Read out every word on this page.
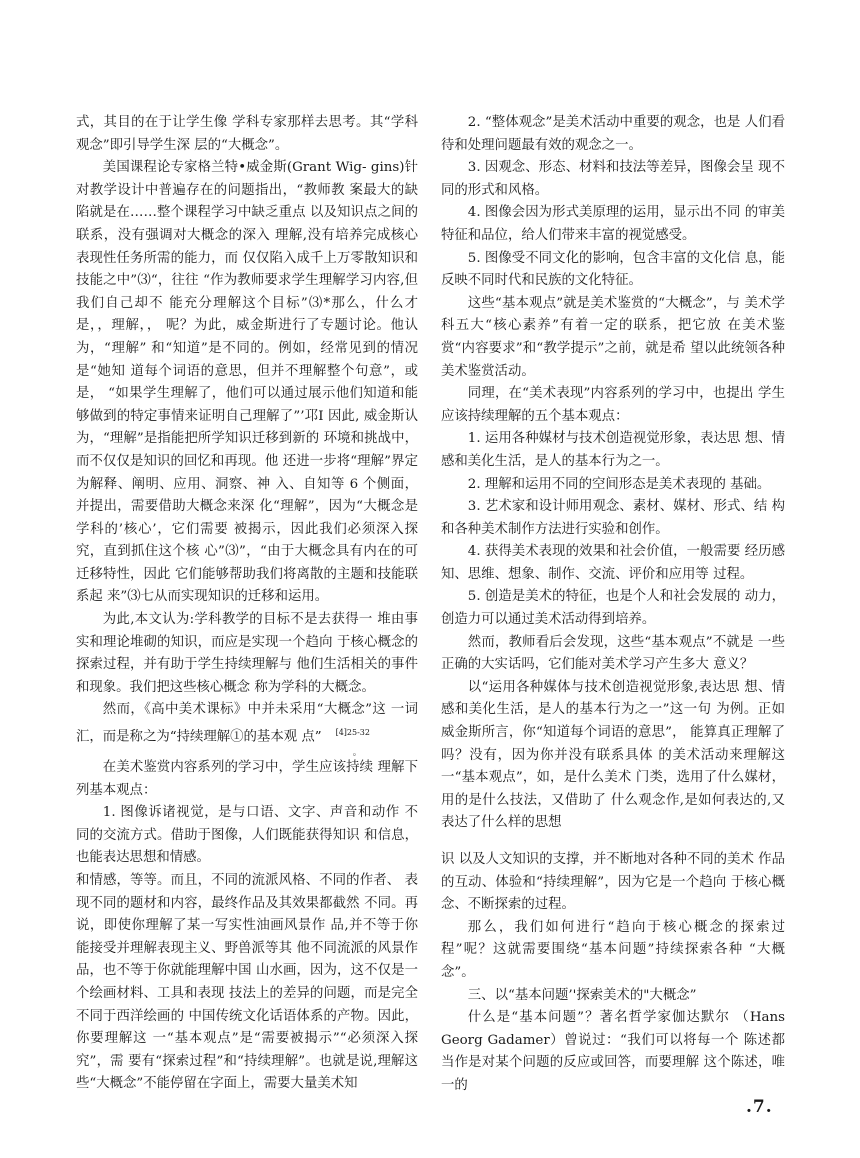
式，其目的在于让学生像 学科专家那样去思考。其“学科观念”即引导学生深 层的“大概念”。

美国课程论专家格兰特•威金斯(Grant Wig- gins)针对教学设计中普遍存在的问题指出，“教师教 案最大的缺陷就是在……整个课程学习中缺乏重点 以及知识点之间的联系，没有强调对大概念的深入 理解,没有培养完成核心表现性任务所需的能力，而 仅仅陷入成千上万零散知识和技能之中”⑶“，往往 “作为教师要求学生理解学习内容,但我们自己却不 能充分理解这个目标”⑶*那么，什么才是，，理解，， 呢？为此，威金斯进行了专题讨论。他认为，“理解” 和“知道”是不同的。例如，经常见到的情况是“她知 道每个词语的意思，但并不理解整个句意”，或是， “如果学生理解了，他们可以通过展示他们知道和能 够做到的特定事情来证明自己理解了”’邛I 因此, 威金斯认为，“理解”是指能把所学知识迁移到新的 环境和挑战中，而不仅仅是知识的回忆和再现。他 还进一步将“理解”界定为解释、阐明、应用、洞察、神 入、自知等 6 个侧面，并提出，需要借助大概念来深 化“理解”，因为“大概念是学科的’核心’，它们需要 被揭示，因此我们必须深入探究，直到抓住这个核 心”⑶”，“由于大概念具有内在的可迁移特性，因此 它们能够帮助我们将离散的主题和技能联系起 来”⑶七从而实现知识的迁移和运用。

为此,本文认为:学科教学的目标不是去获得一 堆由事实和理论堆砌的知识，而应是实现一个趋向 于核心概念的探索过程，并有助于学生持续理解与 他们生活相关的事件和现象。我们把这些核心概念 称为学科的大概念。

然而，《高中美术课标》中并未采用“大概念”这 一词汇，而是称之为“持续理解①的基本观 点” $^{[4]25-32}$
。

在美术鉴赏内容系列的学习中，学生应该持续 理解下列基本观点：

1. 图像诉诸视觉，是与口语、文字、声音和动作 不同的交流方式。借助于图像，人们既能获得知识 和信息，也能表达思想和情感。

和情感，等等。而且，不同的流派风格、不同的作者、 表现不同的题材和内容，最终作品及其效果都截然 不同。再说，即使你理解了某一写实性油画风景作 品,并不等于你能接受并理解表现主义、野兽派等其 他不同流派的风景作品，也不等于你就能理解中国 山水画，因为，这不仅是一个绘画材料、工具和表现 技法上的差异的问题，而是完全不同于西洋绘画的 中国传统文化话语体系的产物。因此，你要理解这 一“基本观点”是“需要被揭示”“必须深入探究”，需 要有“探索过程”和“持续理解”。也就是说,理解这 些“大概念”不能停留在字面上，需要大量美术知

2. “整体观念”是美术活动中重要的观念，也是 人们看待和处理问题最有效的观念之一。

3. 因观念、形态、材料和技法等差异，图像会呈 现不同的形式和风格。

4. 图像会因为形式美原理的运用，显示出不同 的审美特征和品位，给人们带来丰富的视觉感受。

5. 图像受不同文化的影响，包含丰富的文化信 息，能反映不同时代和民族的文化特征。

这些“基本观点”就是美术鉴赏的“大概念”，与 美术学科五大“核心素养”有着一定的联系，把它放 在美术鉴赏“内容要求”和“教学提示”之前，就是希 望以此统领各种美术鉴赏活动。

同理，在“美术表现”内容系列的学习中，也提出 学生应该持续理解的五个基本观点：

1. 运用各种媒材与技术创造视觉形象，表达思 想、情感和美化生活，是人的基本行为之一。

2. 理解和运用不同的空间形态是美术表现的 基础。

3. 艺术家和设计师用观念、素材、媒材、形式、结 构和各种美术制作方法进行实验和创作。

4. 获得美术表现的效果和社会价值，一般需要 经历感知、思维、想象、制作、交流、评价和应用等 过程。

5. 创造是美术的特征，也是个人和社会发展的 动力，创造力可以通过美术活动得到培养。

然而，教师看后会发现，这些“基本观点”不就是 一些正确的大实话吗，它们能对美术学习产生多大 意义？

以“运用各种媒体与技术创造视觉形象,表达思 想、情感和美化生活，是人的基本行为之一”这一句 为例。正如威金斯所言，你“知道每个词语的意思”， 能算真正理解了吗？没有，因为你并没有联系具体 的美术活动来理解这一“基本观点”，如，是什么美术 门类，选用了什么媒材，用的是什么技法，又借助了 什么观念作,是如何表达的,又表达了什么样的思想

识 以及人文知识的支撑，并不断地对各种不同的美术 作品的互动、体验和“持续理解”，因为它是一个趋向 于核心概念、不断探索的过程。

那么，我们如何进行“趋向于核心概念的探索过 程”呢？这就需要围绕“基本问题”持续探索各种 “大概念”。

三、以“基本问题’'探索美术的"大概念”

什么是“基本问题”？著名哲学家伽达默尔 （Hans Georg Gadamer）曾说过：“我们可以将每一个 陈述都当作是对某个问题的反应或回答，而要理解 这个陈述，唯一的

.7.
